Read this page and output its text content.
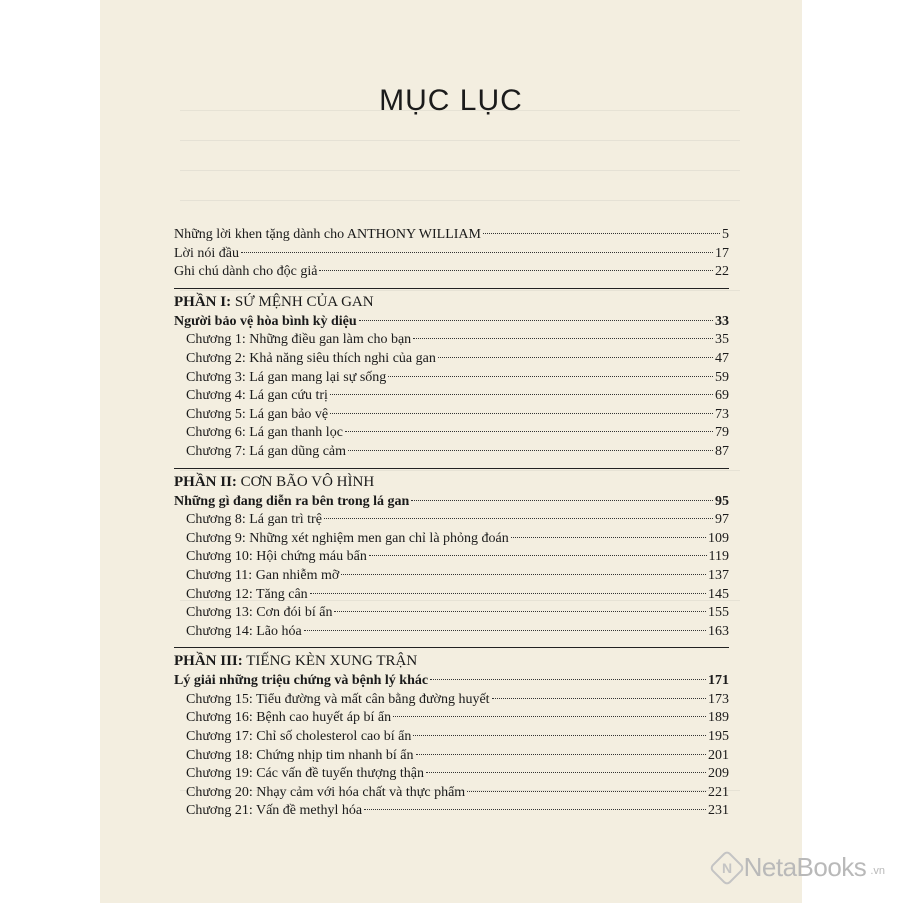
MỤC LỤC
Những lời khen tặng dành cho ANTHONY WILLIAM	5
Lời nói đầu	17
Ghi chú dành cho độc giả	22
PHẦN I: SỨ MỆNH CỦA GAN
Người bảo vệ hòa bình kỳ diệu	33
Chương 1: Những điều gan làm cho bạn	35
Chương 2: Khả năng siêu thích nghi của gan	47
Chương 3: Lá gan mang lại sự sống	59
Chương 4: Lá gan cứu trị	69
Chương 5: Lá gan bảo vệ	73
Chương 6: Lá gan thanh lọc	79
Chương 7: Lá gan dũng cảm	87
PHẦN II: CƠN BÃO VÔ HÌNH
Những gì đang diễn ra bên trong lá gan	95
Chương 8: Lá gan trì trệ	97
Chương 9: Những xét nghiệm men gan chỉ là phỏng đoán	109
Chương 10: Hội chứng máu bẩn	119
Chương 11: Gan nhiễm mỡ	137
Chương 12: Tăng cân	145
Chương 13: Cơn đói bí ẩn	155
Chương 14: Lão hóa	163
PHẦN III: TIẾNG KÈN XUNG TRẬN
Lý giải những triệu chứng và bệnh lý khác	171
Chương 15: Tiểu đường và mất cân bằng đường huyết	173
Chương 16: Bệnh cao huyết áp bí ẩn	189
Chương 17: Chỉ số cholesterol cao bí ẩn	195
Chương 18: Chứng nhịp tim nhanh bí ẩn	201
Chương 19: Các vấn đề tuyến thượng thận	209
Chương 20: Nhạy cảm với hóa chất và thực phẩm	221
Chương 21: Vấn đề methyl hóa	231
N NetaBooks .vn
